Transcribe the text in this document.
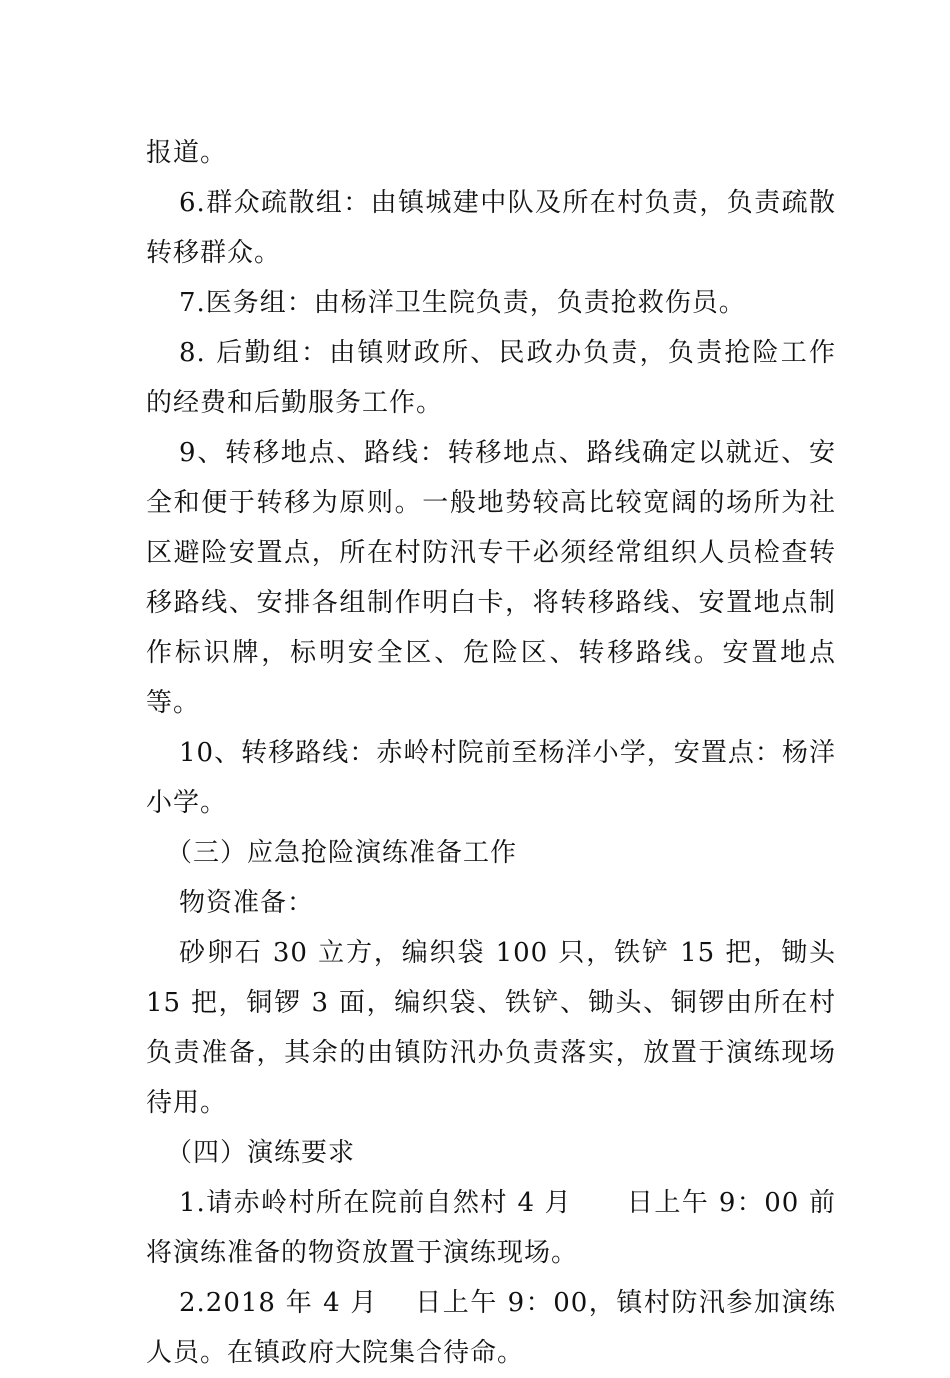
报道。

6.群众疏散组：由镇城建中队及所在村负责，负责疏散转移群众。

7.医务组：由杨洋卫生院负责，负责抢救伤员。

8. 后勤组：由镇财政所、民政办负责，负责抢险工作的经费和后勤服务工作。

9、转移地点、路线：转移地点、路线确定以就近、安全和便于转移为原则。一般地势较高比较宽阔的场所为社区避险安置点，所在村防汛专干必须经常组织人员检查转移路线、安排各组制作明白卡，将转移路线、安置地点制作标识牌，标明安全区、危险区、转移路线。安置地点等。

10、转移路线：赤岭村院前至杨洋小学，安置点：杨洋小学。

（三）应急抢险演练准备工作

物资准备：

砂卵石 30 立方，编织袋 100 只，铁铲 15 把，锄头 15 把，铜锣 3 面，编织袋、铁铲、锄头、铜锣由所在村负责准备，其余的由镇防汛办负责落实，放置于演练现场待用。

（四）演练要求

1.请赤岭村所在院前自然村 4 月　　日上午 9：00 前将演练准备的物资放置于演练现场。

2.2018 年 4 月　 日上午 9：00，镇村防汛参加演练人员。在镇政府大院集合待命。
